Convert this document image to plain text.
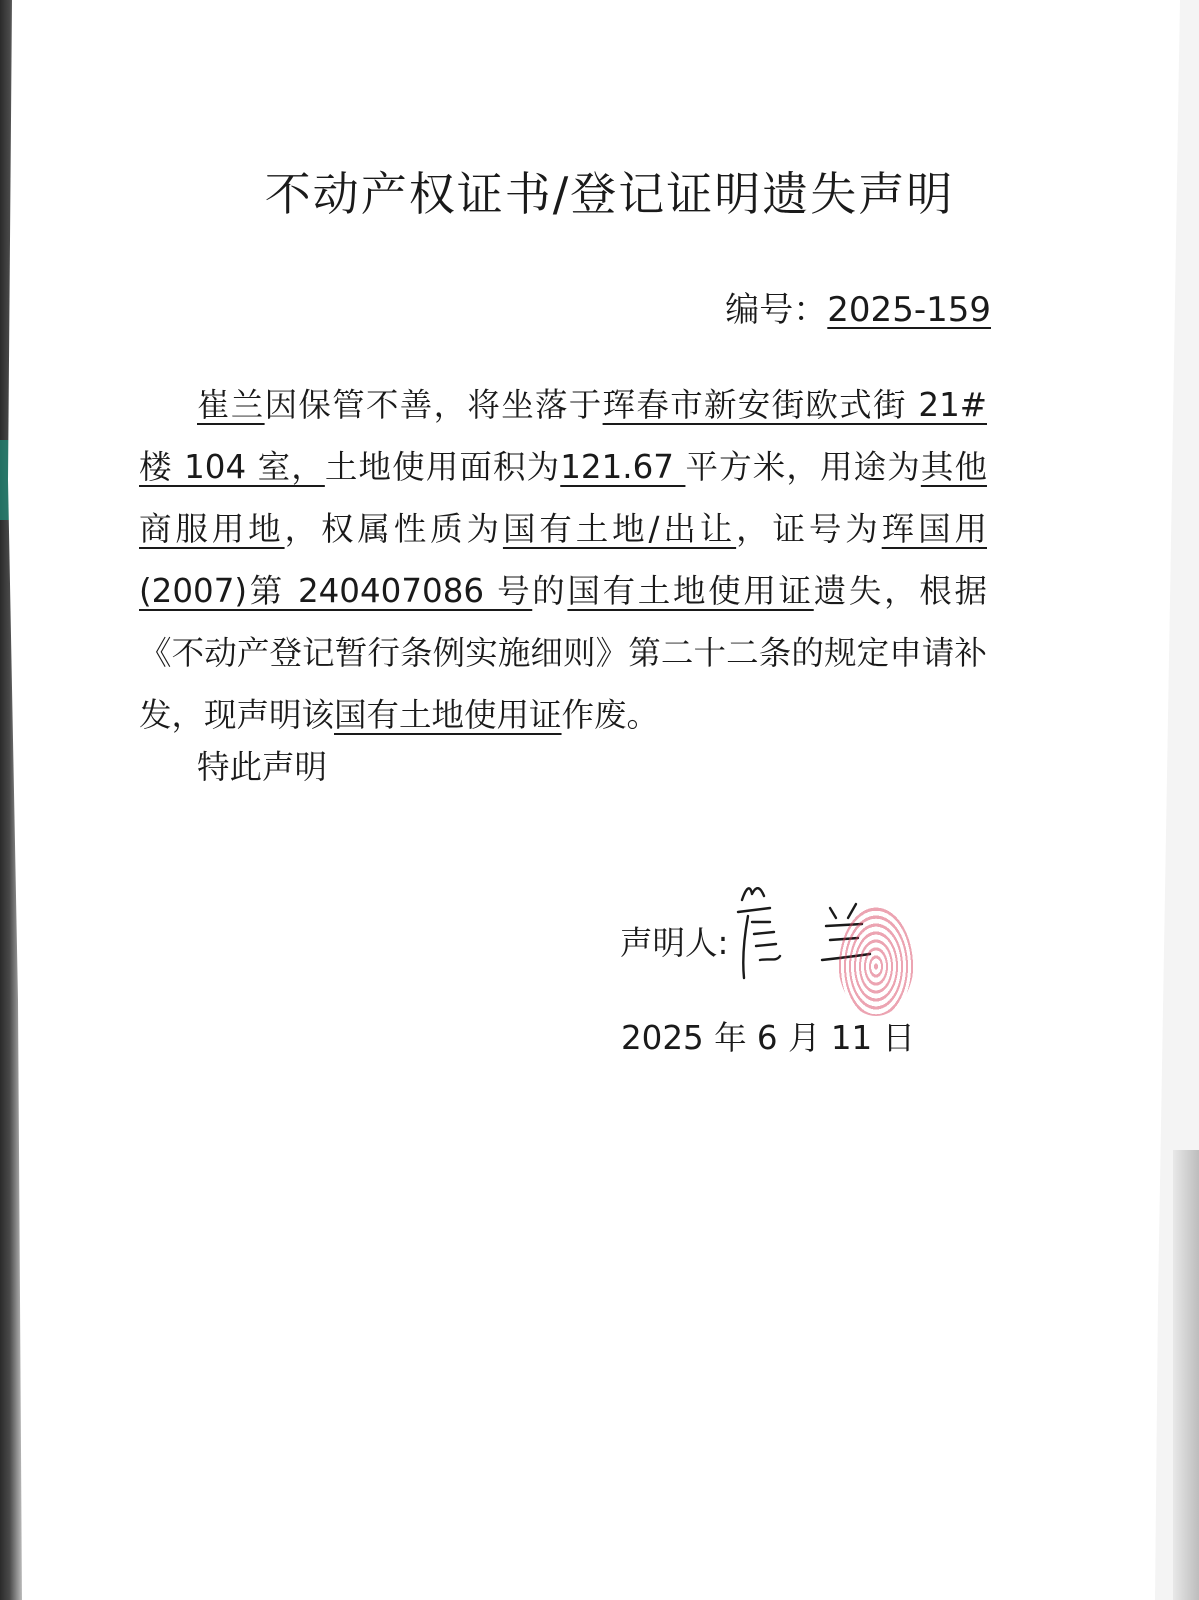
不动产权证书/登记证明遗失声明
编号：2025-159
崔兰因保管不善，将坐落于珲春市新安街欧式街 21#楼 104 室，土地使用面积为121.67 平方米，用途为其他商服用地，权属性质为国有土地/出让，证号为珲国用(2007)第 240407086 号的国有土地使用证遗失，根据《不动产登记暂行条例实施细则》第二十二条的规定申请补发，现声明该国有土地使用证作废。
特此声明
声明人:
2025 年 6 月 11 日
